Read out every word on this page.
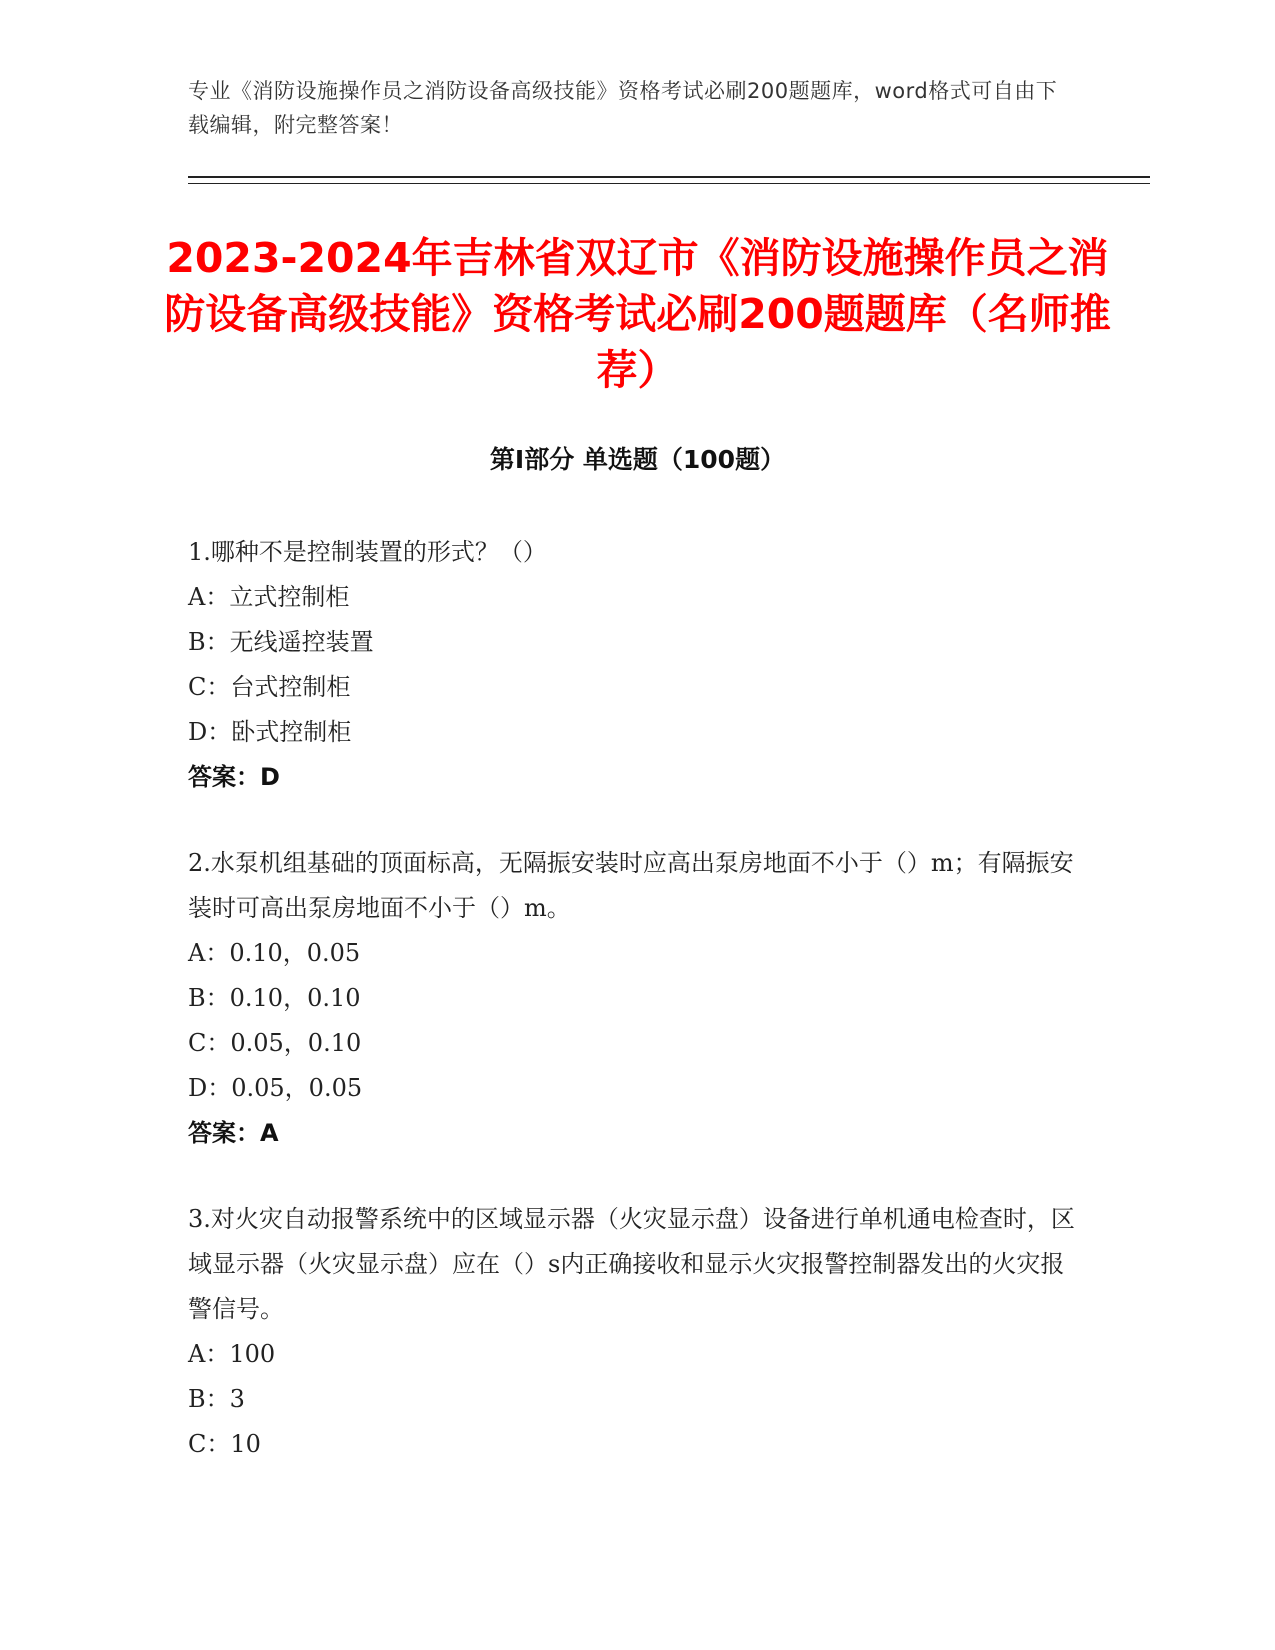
专业《消防设施操作员之消防设备高级技能》资格考试必刷200题题库，word格式可自由下载编辑，附完整答案！
2023-2024年吉林省双辽市《消防设施操作员之消防设备高级技能》资格考试必刷200题题库（名师推荐）
第I部分 单选题（100题）
1.哪种不是控制装置的形式？（）
A：立式控制柜
B：无线遥控装置
C：台式控制柜
D：卧式控制柜
答案：D
2.水泵机组基础的顶面标高，无隔振安装时应高出泵房地面不小于（）m；有隔振安装时可高出泵房地面不小于（）m。
A：0.10，0.05
B：0.10，0.10
C：0.05，0.10
D：0.05，0.05
答案：A
3.对火灾自动报警系统中的区域显示器（火灾显示盘）设备进行单机通电检查时，区域显示器（火灾显示盘）应在（）s内正确接收和显示火灾报警控制器发出的火灾报警信号。
A：100
B：3
C：10
